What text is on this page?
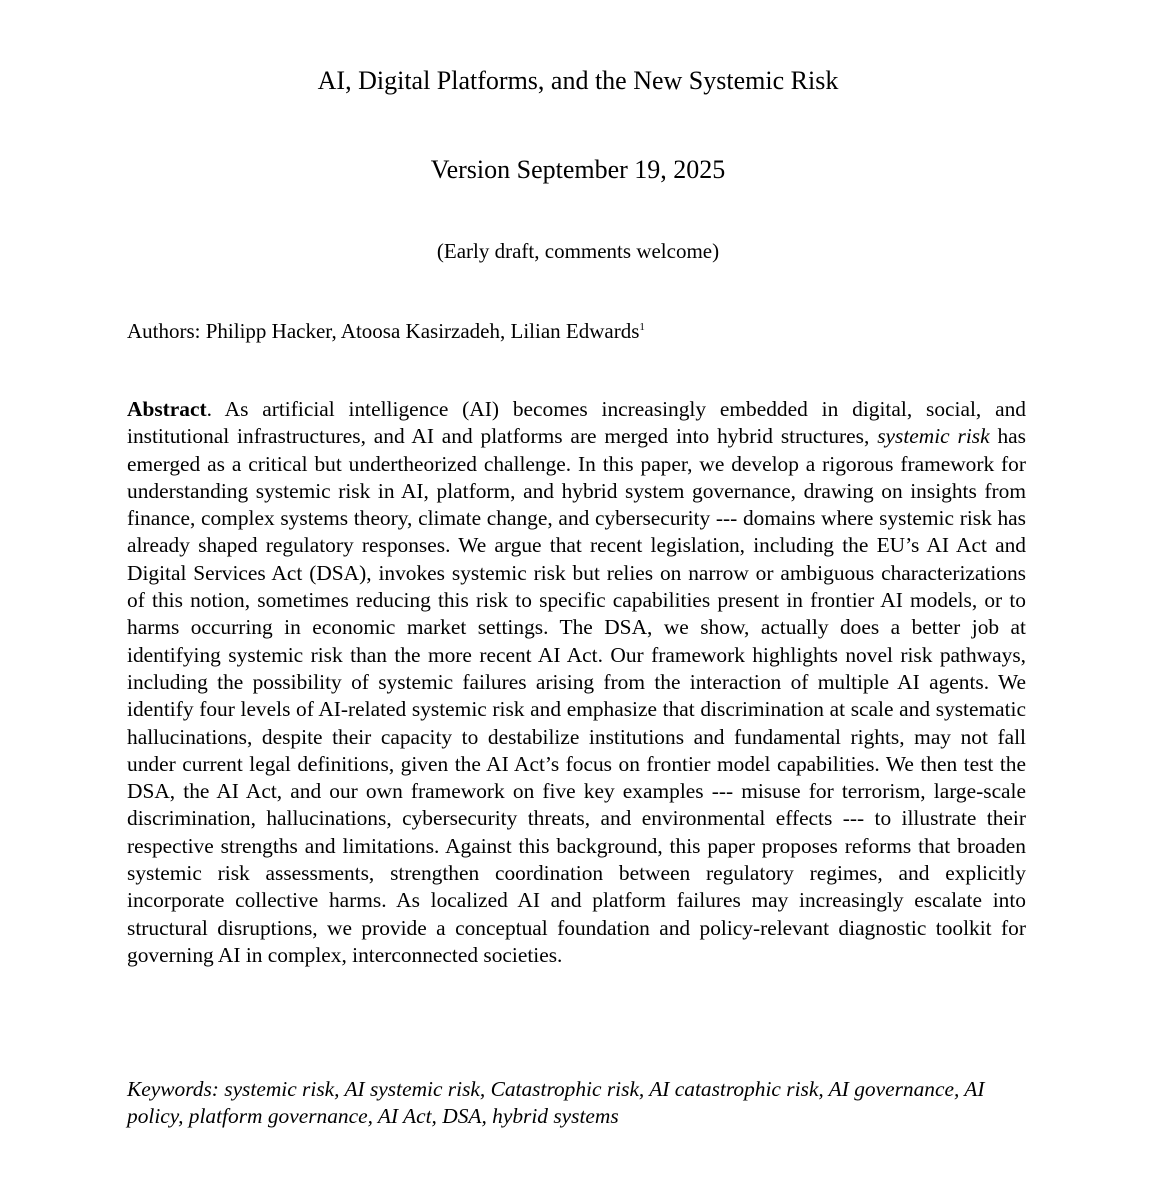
AI, Digital Platforms, and the New Systemic Risk
Version September 19, 2025
(Early draft, comments welcome)
Authors: Philipp Hacker, Atoosa Kasirzadeh, Lilian Edwards$^1$

Abstract. As artificial intelligence (AI) becomes increasingly embedded in digital, social, and institutional infrastructures, and AI and platforms are merged into hybrid structures, systemic risk has emerged as a critical but undertheorized challenge. In this paper, we develop a rigorous framework for understanding systemic risk in AI, platform, and hybrid system governance, drawing on insights from finance, complex systems theory, climate change, and cybersecurity --- domains where systemic risk has already shaped regulatory responses. We argue that recent legislation, including the EU’s AI Act and Digital Services Act (DSA), invokes systemic risk but relies on narrow or ambiguous characterizations of this notion, sometimes reducing this risk to specific capabilities present in frontier AI models, or to harms occurring in economic market settings. The DSA, we show, actually does a better job at identifying systemic risk than the more recent AI Act. Our framework highlights novel risk pathways, including the possibility of systemic failures arising from the interaction of multiple AI agents. We identify four levels of AI-related systemic risk and emphasize that discrimination at scale and systematic hallucinations, despite their capacity to destabilize institutions and fundamental rights, may not fall under current legal definitions, given the AI Act’s focus on frontier model capabilities. We then test the DSA, the AI Act, and our own framework on five key examples --- misuse for terrorism, large-scale discrimination, hallucinations, cybersecurity threats, and environmental effects --- to illustrate their respective strengths and limitations. Against this background, this paper proposes reforms that broaden systemic risk assessments, strengthen coordination between regulatory regimes, and explicitly incorporate collective harms. As localized AI and platform failures may increasingly escalate into structural disruptions, we provide a conceptual foundation and policy-relevant diagnostic toolkit for governing AI in complex, interconnected societies.

Keywords: systemic risk, AI systemic risk, Catastrophic risk, AI catastrophic risk, AI governance, AI policy, platform governance, AI Act, DSA, hybrid systems
